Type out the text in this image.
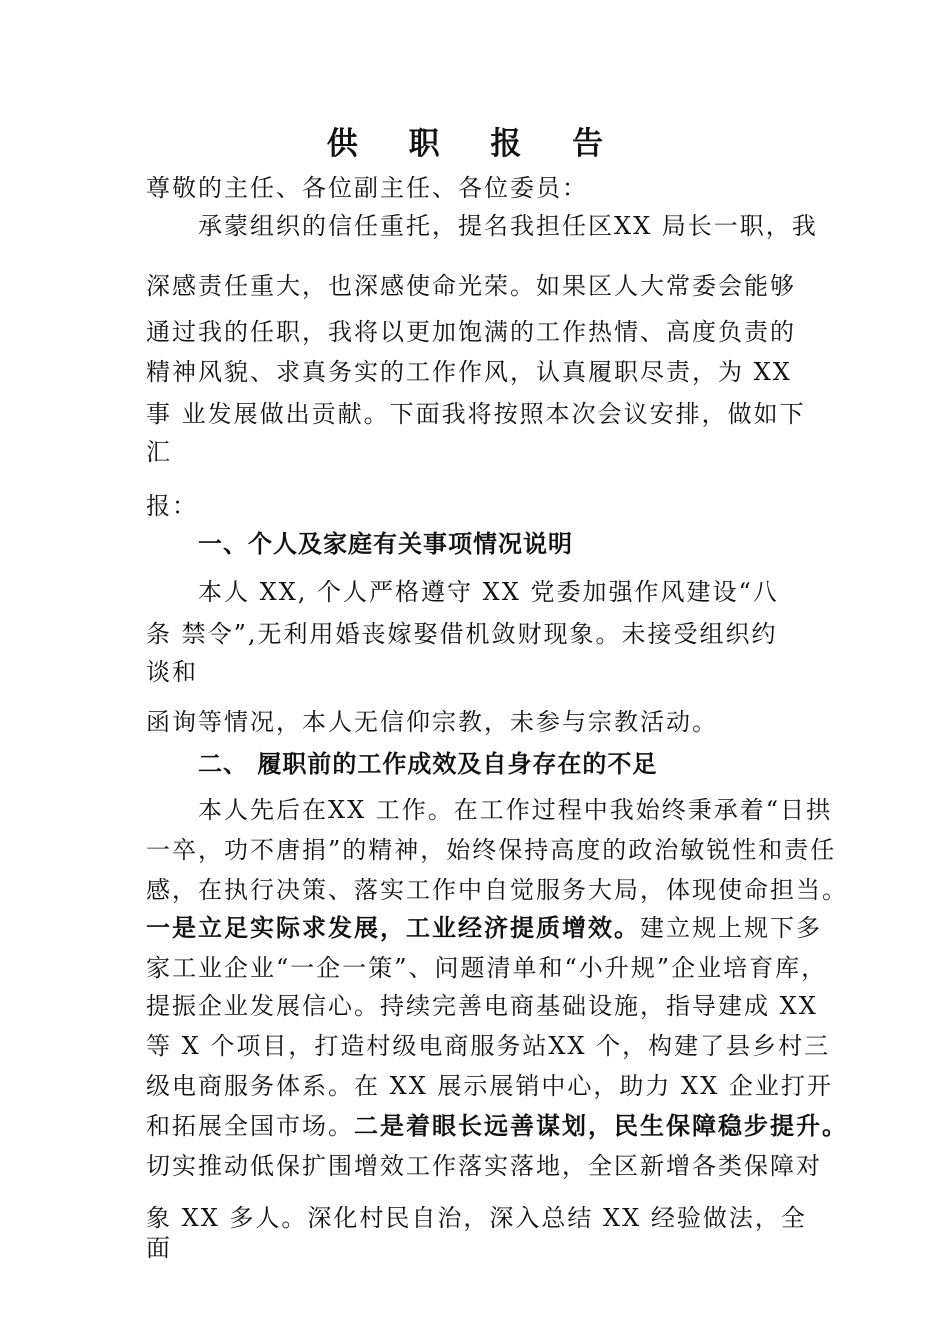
供 职 报 告
尊敬的主任、各位副主任、各位委员：
承蒙组织的信任重托，提名我担任区XX 局长一职，我
深感责任重大，也深感使命光荣。如果区人大常委会能够
通过我的任职，我将以更加饱满的工作热情、高度负责的
精神风貌、求真务实的工作作风，认真履职尽责，为 XX
事 业发展做出贡献。下面我将按照本次会议安排，做如下
汇
报：
一、个人及家庭有关事项情况说明
本人 XX, 个人严格遵守 XX 党委加强作风建设“八
条 禁令”,无利用婚丧嫁娶借机敛财现象。未接受组织约
谈和
函询等情况，本人无信仰宗教，未参与宗教活动。
二、 履职前的工作成效及自身存在的不足
本人先后在XX 工作。在工作过程中我始终秉承着“日拱
一卒，功不唐捐”的精神，始终保持高度的政治敏锐性和责任
感，在执行决策、落实工作中自觉服务大局，体现使命担当。
一是立足实际求发展，工业经济提质增效。建立规上规下多
家工业企业“一企一策”、问题清单和“小升规”企业培育库，
提振企业发展信心。持续完善电商基础设施，指导建成 XX
等 X 个项目，打造村级电商服务站XX 个，构建了县乡村三
级电商服务体系。在 XX 展示展销中心，助力 XX 企业打开
和拓展全国市场。二是着眼长远善谋划，民生保障稳步提升。
切实推动低保扩围增效工作落实落地，全区新增各类保障对
象 XX 多人。深化村民自治，深入总结 XX 经验做法，全
面
